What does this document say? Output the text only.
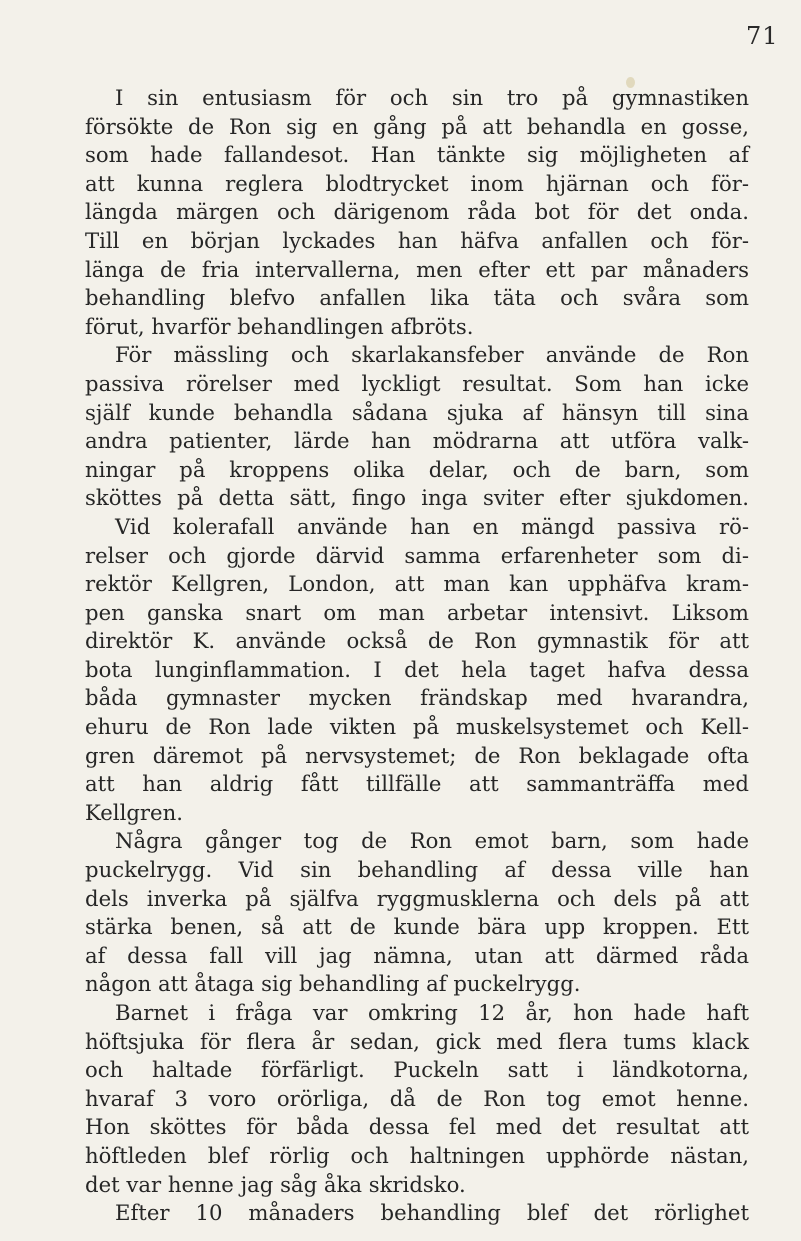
71
I sin entusiasm för och sin tro på gymnastiken
försökte de Ron sig en gång på att behandla en gosse,
som hade fallandesot. Han tänkte sig möjligheten af
att kunna reglera blodtrycket inom hjärnan och för-
längda märgen och därigenom råda bot för det onda.
Till en början lyckades han häfva anfallen och för-
länga de fria intervallerna, men efter ett par månaders
behandling blefvo anfallen lika täta och svåra som
förut, hvarför behandlingen afbröts.
För mässling och skarlakansfeber använde de Ron
passiva rörelser med lyckligt resultat. Som han icke
själf kunde behandla sådana sjuka af hänsyn till sina
andra patienter, lärde han mödrarna att utföra valk-
ningar på kroppens olika delar, och de barn, som
sköttes på detta sätt, fingo inga sviter efter sjukdomen.
Vid kolerafall använde han en mängd passiva rö-
relser och gjorde därvid samma erfarenheter som di-
rektör Kellgren, London, att man kan upphäfva kram-
pen ganska snart om man arbetar intensivt. Liksom
direktör K. använde också de Ron gymnastik för att
bota lunginflammation. I det hela taget hafva dessa
båda gymnaster mycken frändskap med hvarandra,
ehuru de Ron lade vikten på muskelsystemet och Kell-
gren däremot på nervsystemet; de Ron beklagade ofta
att han aldrig fått tillfälle att sammanträffa med
Kellgren.
Några gånger tog de Ron emot barn, som hade
puckelrygg. Vid sin behandling af dessa ville han
dels inverka på själfva ryggmusklerna och dels på att
stärka benen, så att de kunde bära upp kroppen. Ett
af dessa fall vill jag nämna, utan att därmed råda
någon att åtaga sig behandling af puckelrygg.
Barnet i fråga var omkring 12 år, hon hade haft
höftsjuka för flera år sedan, gick med flera tums klack
och haltade förfärligt. Puckeln satt i ländkotorna,
hvaraf 3 voro orörliga, då de Ron tog emot henne.
Hon sköttes för båda dessa fel med det resultat att
höftleden blef rörlig och haltningen upphörde nästan,
det var henne jag såg åka skridsko.
Efter 10 månaders behandling blef det rörlighet
